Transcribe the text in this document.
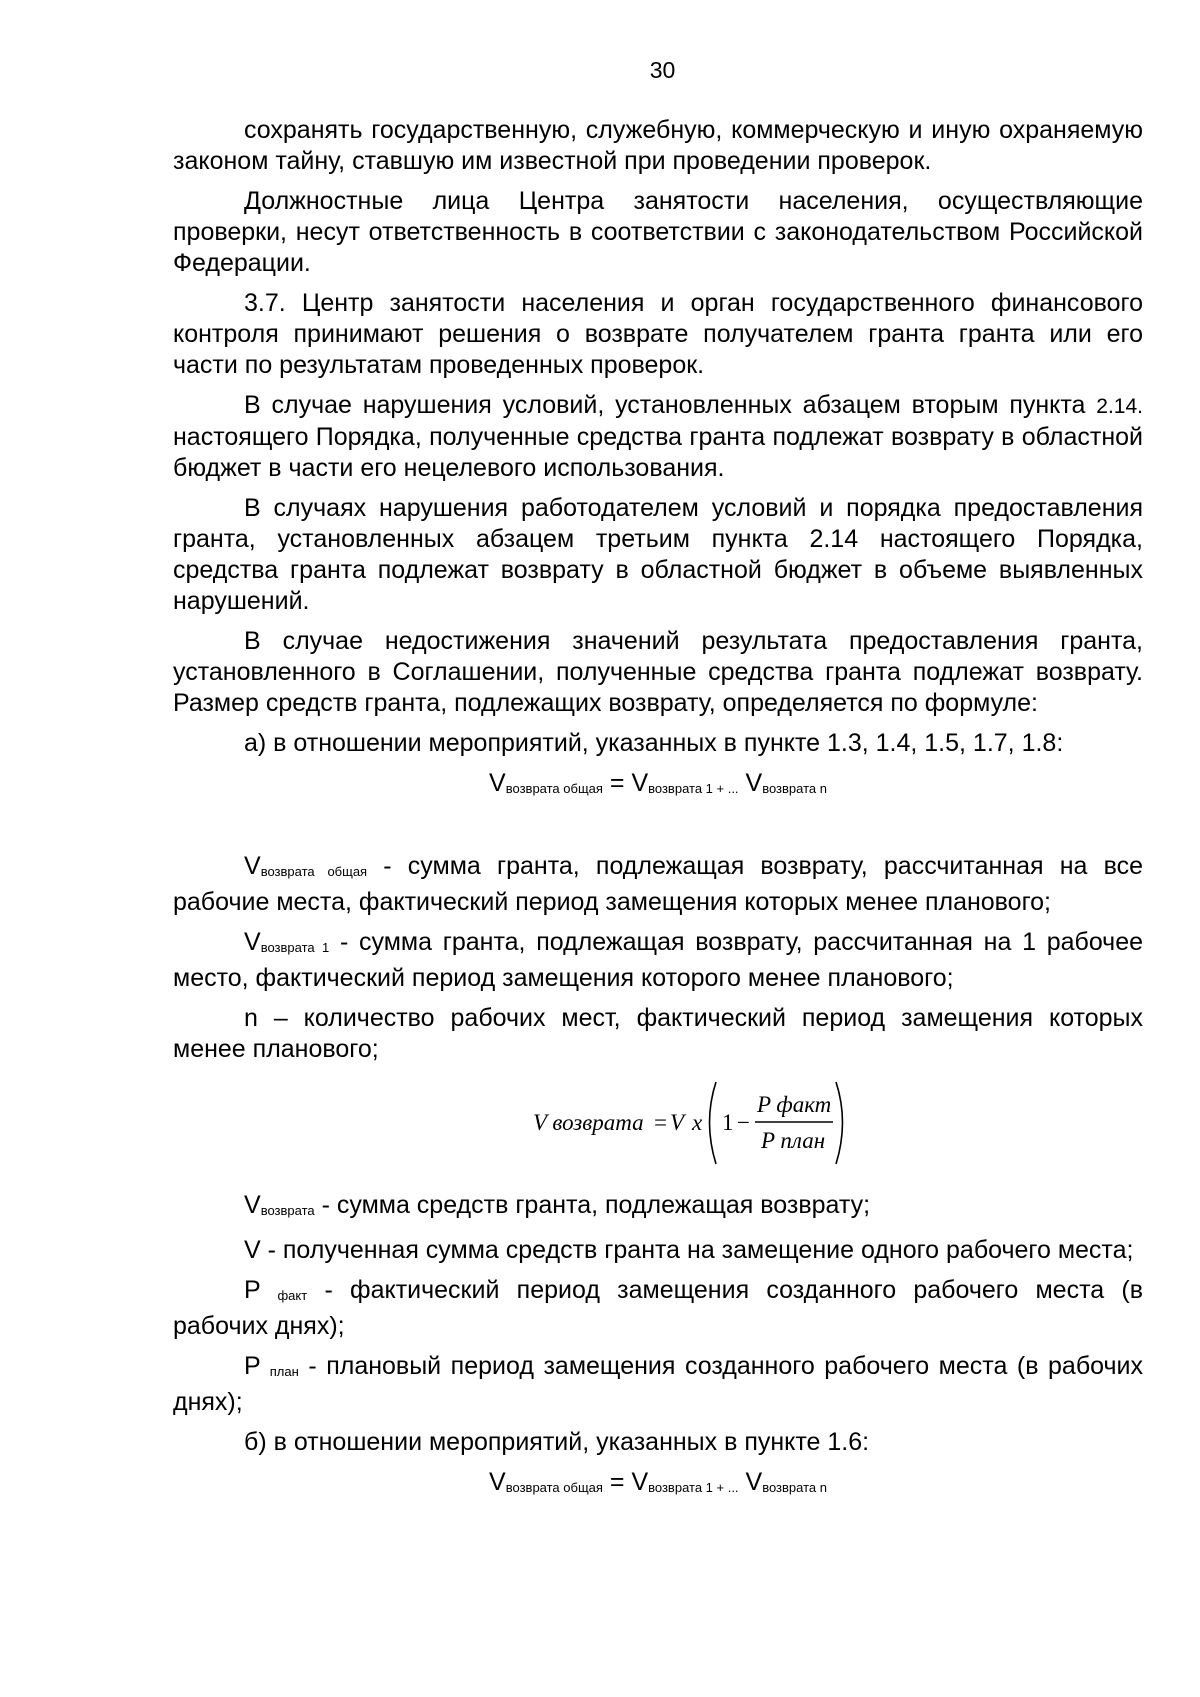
30

сохранять государственную, служебную, коммерческую и иную охраняемую законом тайну, ставшую им известной при проведении проверок.

Должностные лица Центра занятости населения, осуществляющие проверки, несут ответственность в соответствии с законодательством Российской Федерации.

3.7. Центр занятости населения и орган государственного финансового контроля принимают решения о возврате получателем гранта гранта или его части по результатам проведенных проверок.

В случае нарушения условий, установленных абзацем вторым пункта 2.14. настоящего Порядка, полученные средства гранта подлежат возврату в областной бюджет в части его нецелевого использования.

В случаях нарушения работодателем условий и порядка предоставления гранта, установленных абзацем третьим пункта 2.14 настоящего Порядка, средства гранта подлежат возврату в областной бюджет в объеме выявленных нарушений.

В случае недостижения значений результата предоставления гранта, установленного в Соглашении, полученные средства гранта подлежат возврату. Размер средств гранта, подлежащих возврату, определяется по формуле:

а) в отношении мероприятий, указанных в пункте 1.3, 1.4, 1.5, 1.7, 1.8:

Vвозврата общая = Vвозврата 1 + ... Vвозврата n

Vвозврата общая - сумма гранта, подлежащая возврату, рассчитанная на все рабочие места, фактический период замещения которых менее планового;

Vвозврата 1 - сумма гранта, подлежащая возврату, рассчитанная на 1 рабочее место, фактический период замещения которого менее планового;

n – количество рабочих мест, фактический период замещения которых менее планового;

V возврата = V x 1 −
P факт
P план

Vвозврата - сумма средств гранта, подлежащая возврату;

V - полученная сумма средств гранта на замещение одного рабочего места;

P факт - фактический период замещения созданного рабочего места (в рабочих днях);

P план - плановый период замещения созданного рабочего места (в рабочих днях);

б) в отношении мероприятий, указанных в пункте 1.6:

Vвозврата общая = Vвозврата 1 + ... Vвозврата n
